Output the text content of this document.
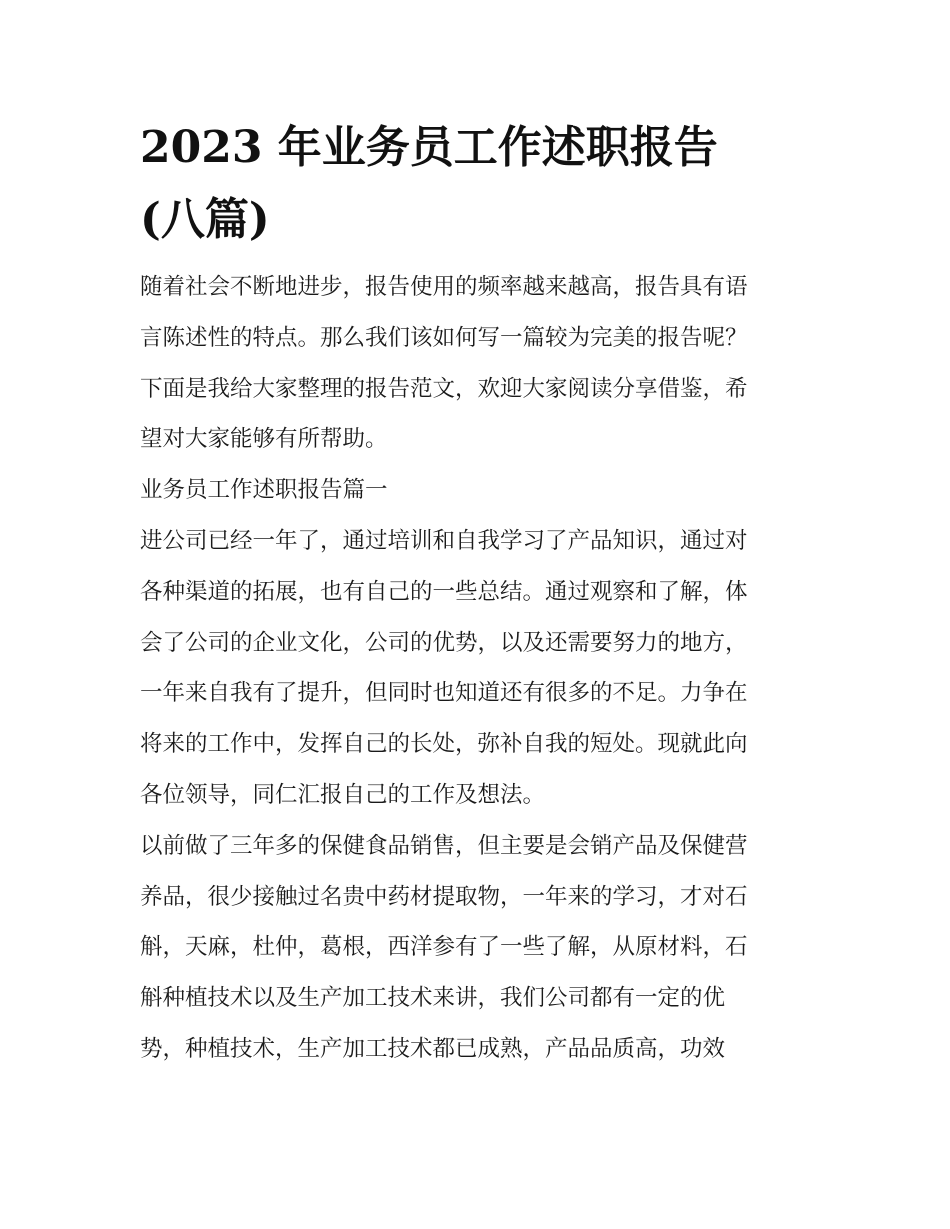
2023 年业务员工作述职报告
(八篇)

随着社会不断地进步，报告使用的频率越来越高，报告具有语
言陈述性的特点。那么我们该如何写一篇较为完美的报告呢？
下面是我给大家整理的报告范文，欢迎大家阅读分享借鉴，希
望对大家能够有所帮助。

业务员工作述职报告篇一

进公司已经一年了，通过培训和自我学习了产品知识，通过对
各种渠道的拓展，也有自己的一些总结。通过观察和了解，体
会了公司的企业文化，公司的优势，以及还需要努力的地方，
一年来自我有了提升，但同时也知道还有很多的不足。力争在
将来的工作中，发挥自己的长处，弥补自我的短处。现就此向
各位领导，同仁汇报自己的工作及想法。

以前做了三年多的保健食品销售，但主要是会销产品及保健营
养品，很少接触过名贵中药材提取物，一年来的学习，才对石
斛，天麻，杜仲，葛根，西洋参有了一些了解，从原材料，石
斛种植技术以及生产加工技术来讲，我们公司都有一定的优
势，种植技术，生产加工技术都已成熟，产品品质高，功效
